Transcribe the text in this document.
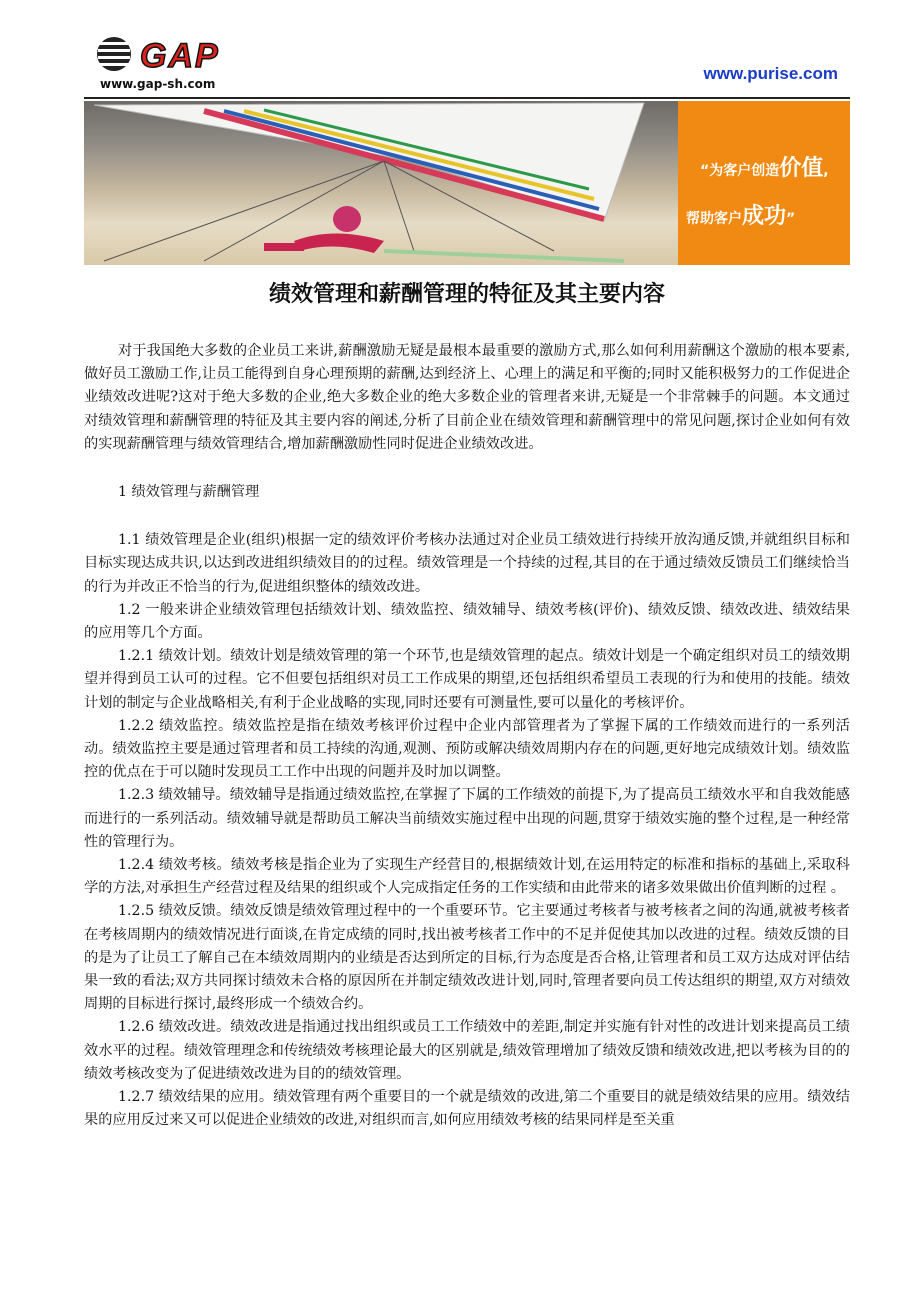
GAP
www.gap-sh.com
www.purise.com
“为客户创造价值,
帮助客户成功”
绩效管理和薪酬管理的特征及其主要内容

对于我国绝大多数的企业员工来讲,薪酬激励无疑是最根本最重要的激励方式,那么如何利用薪酬这个激励的根本要素,做好员工激励工作,让员工能得到自身心理预期的薪酬,达到经济上、心理上的满足和平衡的;同时又能积极努力的工作促进企业绩效改进呢?这对于绝大多数的企业,绝大多数企业的绝大多数企业的管理者来讲,无疑是一个非常棘手的问题。本文通过对绩效管理和薪酬管理的特征及其主要内容的阐述,分析了目前企业在绩效管理和薪酬管理中的常见问题,探讨企业如何有效的实现薪酬管理与绩效管理结合,增加薪酬激励性同时促进企业绩效改进。

1 绩效管理与薪酬管理

1.1 绩效管理是企业(组织)根据一定的绩效评价考核办法通过对企业员工绩效进行持续开放沟通反馈,并就组织目标和目标实现达成共识,以达到改进组织绩效目的的过程。绩效管理是一个持续的过程,其目的在于通过绩效反馈员工们继续恰当的行为并改正不恰当的行为,促进组织整体的绩效改进。

1.2 一般来讲企业绩效管理包括绩效计划、绩效监控、绩效辅导、绩效考核(评价)、绩效反馈、绩效改进、绩效结果的应用等几个方面。

1.2.1 绩效计划。绩效计划是绩效管理的第一个环节,也是绩效管理的起点。绩效计划是一个确定组织对员工的绩效期望并得到员工认可的过程。它不但要包括组织对员工工作成果的期望,还包括组织希望员工表现的行为和使用的技能。绩效计划的制定与企业战略相关,有利于企业战略的实现,同时还要有可测量性,要可以量化的考核评价。

1.2.2 绩效监控。绩效监控是指在绩效考核评价过程中企业内部管理者为了掌握下属的工作绩效而进行的一系列活动。绩效监控主要是通过管理者和员工持续的沟通,观测、预防或解决绩效周期内存在的问题,更好地完成绩效计划。绩效监控的优点在于可以随时发现员工工作中出现的问题并及时加以调整。

1.2.3 绩效辅导。绩效辅导是指通过绩效监控,在掌握了下属的工作绩效的前提下,为了提高员工绩效水平和自我效能感而进行的一系列活动。绩效辅导就是帮助员工解决当前绩效实施过程中出现的问题,贯穿于绩效实施的整个过程,是一种经常性的管理行为。

1.2.4 绩效考核。绩效考核是指企业为了实现生产经营目的,根据绩效计划,在运用特定的标准和指标的基础上,采取科学的方法,对承担生产经营过程及结果的组织或个人完成指定任务的工作实绩和由此带来的诸多效果做出价值判断的过程 。

1.2.5 绩效反馈。绩效反馈是绩效管理过程中的一个重要环节。它主要通过考核者与被考核者之间的沟通,就被考核者在考核周期内的绩效情况进行面谈,在肯定成绩的同时,找出被考核者工作中的不足并促使其加以改进的过程。绩效反馈的目的是为了让员工了解自己在本绩效周期内的业绩是否达到所定的目标,行为态度是否合格,让管理者和员工双方达成对评估结果一致的看法;双方共同探讨绩效未合格的原因所在并制定绩效改进计划,同时,管理者要向员工传达组织的期望,双方对绩效周期的目标进行探讨,最终形成一个绩效合约。

1.2.6 绩效改进。绩效改进是指通过找出组织或员工工作绩效中的差距,制定并实施有针对性的改进计划来提高员工绩效水平的过程。绩效管理理念和传统绩效考核理论最大的区别就是,绩效管理增加了绩效反馈和绩效改进,把以考核为目的的绩效考核改变为了促进绩效改进为目的的绩效管理。

1.2.7 绩效结果的应用。绩效管理有两个重要目的一个就是绩效的改进,第二个重要目的就是绩效结果的应用。绩效结果的应用反过来又可以促进企业绩效的改进,对组织而言,如何应用绩效考核的结果同样是至关重
